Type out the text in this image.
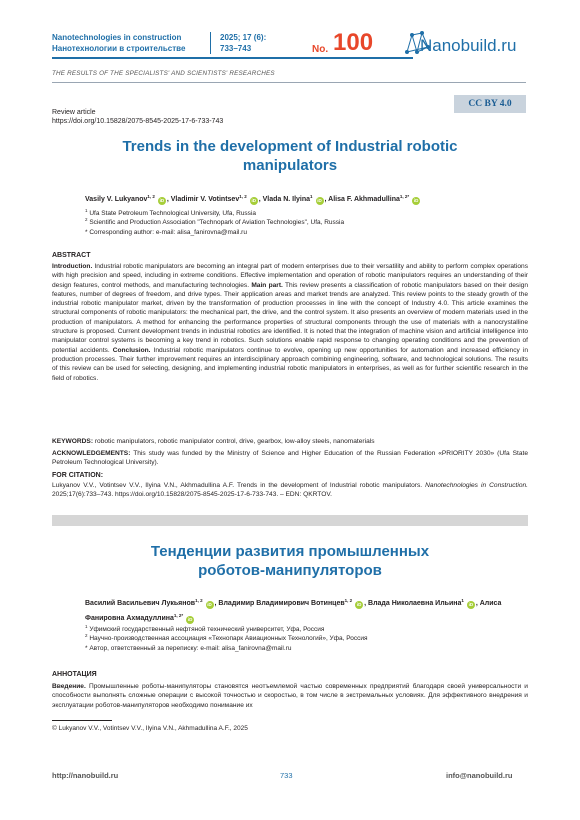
Nanotechnologies in construction
Нанотехнологии в строительстве
2025; 17 (6):
733–743	No. 100	Nanobuild.ru
THE RESULTS OF THE SPECIALISTS' AND SCIENTISTS' RESEARCHES
Review article
https://doi.org/10.15828/2075-8545-2025-17-6-733-743
CC BY 4.0
Trends in the development of Industrial robotic
manipulators
Vasily V. Lukyanov$^{1, 2}$ iD , Vladimir V. Votintsev$^{1, 2}$ iD , Vlada N. Ilyina$^1$ iD , Alisa F. Akhmadullina$^{1, 2*}$ iD
$^1$ Ufa State Petroleum Technological University, Ufa, Russia
$^2$ Scientific and Production Association "Technopark of Aviation Technologies", Ufa, Russia
* Corresponding author: e-mail: alisa_fanirovna@mail.ru
ABSTRACT
Introduction. Industrial robotic manipulators are becoming an integral part of modern enterprises due to their versatility and ability to perform complex operations with high precision and speed, including in extreme conditions. Effective implementation and operation of robotic manipulators requires an understanding of their design features, control methods, and manufacturing technologies. Main part. This review presents a classification of robotic manipulators based on their design features, number of degrees of freedom, and drive types. Their application areas and market trends are analyzed. This review points to the steady growth of the industrial robotic manipulator market, driven by the transformation of production processes in line with the concept of Industry 4.0. This article examines the structural components of robotic manipulators: the mechanical part, the drive, and the control system. It also presents an overview of modern materials used in the production of manipulators. A method for enhancing the performance properties of structural components through the use of materials with a nanocrystalline structure is proposed. Current development trends in industrial robotics are identified. It is noted that the integration of machine vision and artificial intelligence into manipulator control systems is becoming a key trend in robotics. Such solutions enable rapid response to changing operating conditions and the prevention of potential accidents. Conclusion. Industrial robotic manipulators continue to evolve, opening up new opportunities for automation and increased efficiency in production processes. Their further improvement requires an interdisciplinary approach combining engineering, software, and technological solutions. The results of this review can be used for selecting, designing, and implementing industrial robotic manipulators in enterprises, as well as for further scientific research in the field of robotics.
KEYWORDS: robotic manipulators, robotic manipulator control, drive, gearbox, low-alloy steels, nanomaterials
ACKNOWLEDGEMENTS: This study was funded by the Ministry of Science and Higher Education of the Russian Federation «PRIORITY 2030» (Ufa State Petroleum Technological University).
FOR CITATION:
Lukyanov V.V., Votintsev V.V., Ilyina V.N., Akhmadullina A.F. Trends in the development of Industrial robotic manipulators. Nanotechnologies in Construction. 2025;17(6):733–743. https://doi.org/10.15828/2075-8545-2025-17-6-733-743. – EDN: QKRTOV.
Тенденции развития промышленных
роботов-манипуляторов
Василий Васильевич Лукьянов$^{1, 2}$ iD , Владимир Владимирович Вотинцев$^{1, 2}$ iD , Влада Николаевна Ильина$^1$ iD , Алиса Фанировна Ахмадуллина$^{1, 2*}$ iD
$^1$ Уфимский государственный нефтяной технический университет, Уфа, Россия
$^2$ Научно-производственная ассоциация «Технопарк Авиационных Технологий», Уфа, Россия
* Автор, ответственный за переписку: e-mail: alisa_fanirovna@mail.ru
АННОТАЦИЯ
Введение. Промышленные роботы-манипуляторы становятся неотъемлемой частью современных предприятий благодаря своей универсальности и способности выполнять сложные операции с высокой точностью и скоростью, в том числе в экстремальных условиях. Для эффективного внедрения и эксплуатации роботов-манипуляторов необходимо понимание их
© Lukyanov V.V., Votintsev V.V., Ilyina V.N., Akhmadullina A.F., 2025
http://nanobuild.ru	733	info@nanobuild.ru
